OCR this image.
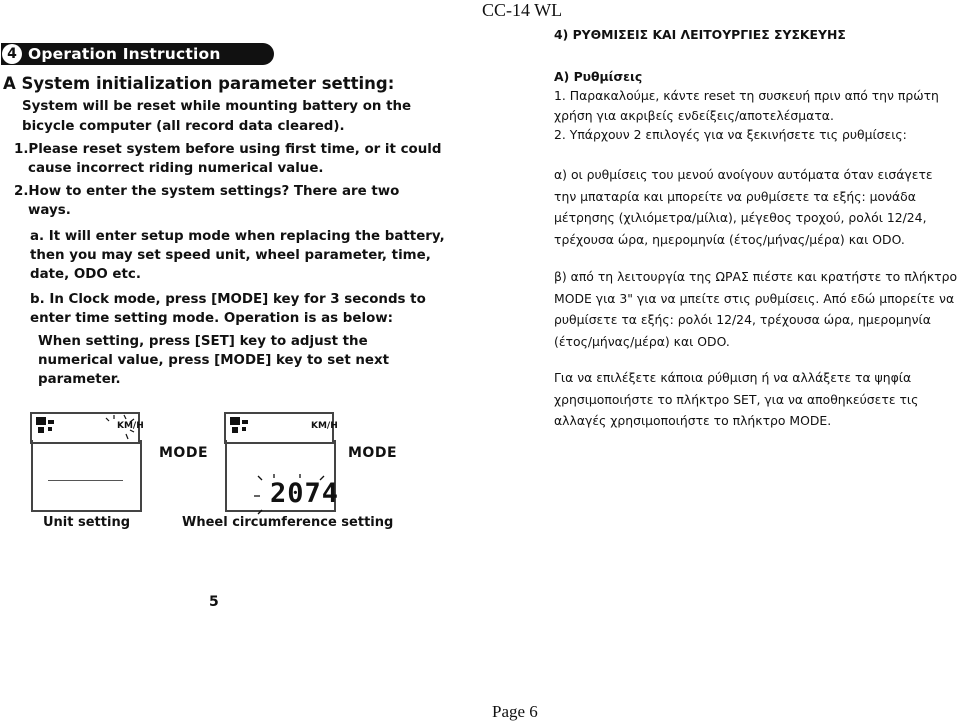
CC-14 WL
4 Operation Instruction
A System initialization parameter setting:
System will be reset while mounting battery on the
bicycle computer (all record data cleared).
1.Please reset system before using first time, or it could
cause incorrect riding numerical value.
2.How to enter the system settings? There are two
ways.
a. It will enter setup mode when replacing the battery,
then you may set speed unit, wheel parameter, time,
date, ODO etc.
b. In Clock mode, press [MODE] key for 3 seconds to
enter time setting mode. Operation is as below:
When setting, press [SET] key to adjust the
numerical value, press [MODE] key to set next
parameter.
KM/H	KM/H
2074
MODE	MODE
Unit setting	Wheel circumference setting
5
4) ΡΥΘΜΙΣΕΙΣ ΚΑΙ ΛΕΙΤΟΥΡΓΙΕΣ ΣΥΣΚΕΥΗΣ
Α) Ρυθμίσεις
1. Παρακαλούμε, κάντε reset τη συσκευή πριν από την πρώτη
χρήση για ακριβείς ενδείξεις/αποτελέσματα.
2. Υπάρχουν 2 επιλογές για να ξεκινήσετε τις ρυθμίσεις:

α) οι ρυθμίσεις του μενού ανοίγουν αυτόματα όταν εισάγετε

την μπαταρία και μπορείτε να ρυθμίσετε τα εξής: μονάδα

μέτρησης (χιλιόμετρα/μίλια), μέγεθος τροχού, ρολόι 12/24,

τρέχουσα ώρα, ημερομηνία (έτος/μήνας/μέρα) και ODO.

β) από τη λειτουργία της ΩΡΑΣ πιέστε και κρατήστε το πλήκτρο

MODE για 3" για να μπείτε στις ρυθμίσεις. Από εδώ μπορείτε να

ρυθμίσετε τα εξής: ρολόι 12/24, τρέχουσα ώρα, ημερομηνία

(έτος/μήνας/μέρα) και ODO.

Για να επιλέξετε κάποια ρύθμιση ή να αλλάξετε τα ψηφία

χρησιμοποιήστε το πλήκτρο SET, για να αποθηκεύσετε τις

αλλαγές χρησιμοποιήστε το πλήκτρο MODE.

Page 6
